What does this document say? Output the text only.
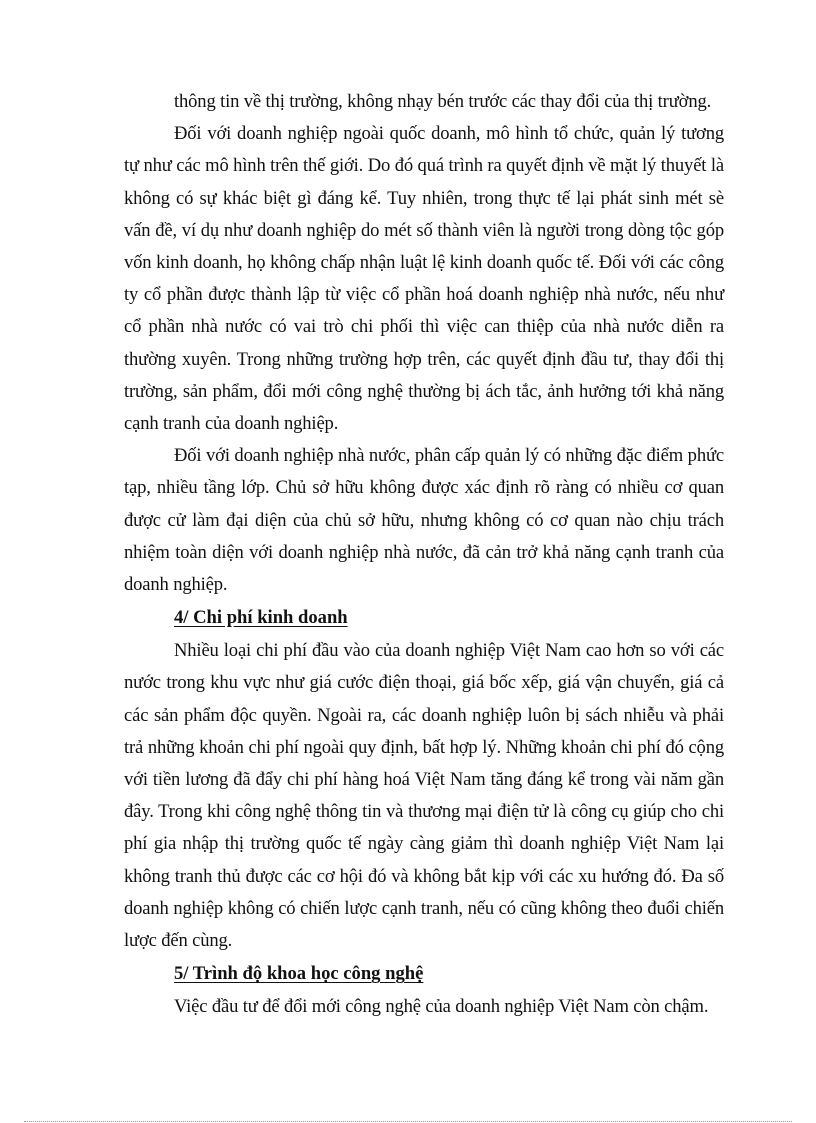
thông tin về thị trường, không nhạy bén trước các thay đổi của thị trường.

Đối với doanh nghiệp ngoài quốc doanh, mô hình tổ chức, quản lý tương tự như các mô hình trên thế giới. Do đó quá trình ra quyết định về mặt lý thuyết là không có sự khác biệt gì đáng kể. Tuy nhiên, trong thực tế lại phát sinh mét sè vấn đề, ví dụ như doanh nghiệp do mét số thành viên là người trong dòng tộc góp vốn kinh doanh, họ không chấp nhận luật lệ kinh doanh quốc tế. Đối với các công ty cổ phần được thành lập từ việc cổ phần hoá doanh nghiệp nhà nước, nếu như cổ phần nhà nước có vai trò chi phối thì việc can thiệp của nhà nước diễn ra thường xuyên. Trong những trường hợp trên, các quyết định đầu tư, thay đổi thị trường, sản phẩm, đổi mới công nghệ thường bị ách tắc, ảnh hưởng tới khả năng cạnh tranh của doanh nghiệp.

Đối với doanh nghiệp nhà nước, phân cấp quản lý có những đặc điểm phức tạp, nhiều tầng lớp. Chủ sở hữu không được xác định rõ ràng có nhiều cơ quan được cử làm đại diện của chủ sở hữu, nhưng không có cơ quan nào chịu trách nhiệm toàn diện với doanh nghiệp nhà nước, đã cản trở khả năng cạnh tranh của doanh nghiệp.

4/ Chi phí kinh doanh

Nhiều loại chi phí đầu vào của doanh nghiệp Việt Nam cao hơn so với các nước trong khu vực như giá cước điện thoại, giá bốc xếp, giá vận chuyển, giá cả các sản phẩm độc quyền. Ngoài ra, các doanh nghiệp luôn bị sách nhiễu và phải trả những khoản chi phí ngoài quy định, bất hợp lý. Những khoản chi phí đó cộng với tiền lương đã đẩy chi phí hàng hoá Việt Nam tăng đáng kể trong vài năm gần đây. Trong khi công nghệ thông tin và thương mại điện tử là công cụ giúp cho chi phí gia nhập thị trường quốc tế ngày càng giảm thì doanh nghiệp Việt Nam lại không tranh thủ được các cơ hội đó và không bắt kịp với các xu hướng đó. Đa số doanh nghiệp không có chiến lược cạnh tranh, nếu có cũng không theo đuổi chiến lược đến cùng.

5/ Trình độ khoa học công nghệ

Việc đầu tư để đổi mới công nghệ của doanh nghiệp Việt Nam còn chậm.
